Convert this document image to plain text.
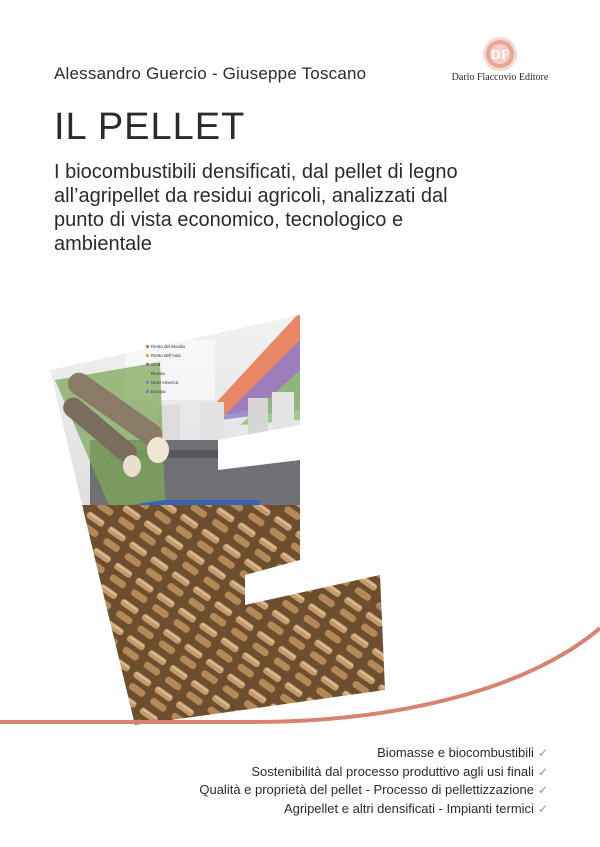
Alessandro Guercio - Giuseppe Toscano
DF
Dario Flaccovio Editore
IL PELLET

I biocombustibili densificati, dal pellet di legno all’agripellet da residui agricoli, analizzati dal punto di vista economico, tecnologico e ambientale

Resto del Mondo
Resto dell'Asia
Cina
Russia
Nord America
Europa
Biomasse e biocombustibili ✓
Sostenibilità dal processo produttivo agli usi finali ✓
Qualità e proprietà del pellet - Processo di pellettizzazione ✓
Agripellet e altri densificati - Impianti termici ✓
